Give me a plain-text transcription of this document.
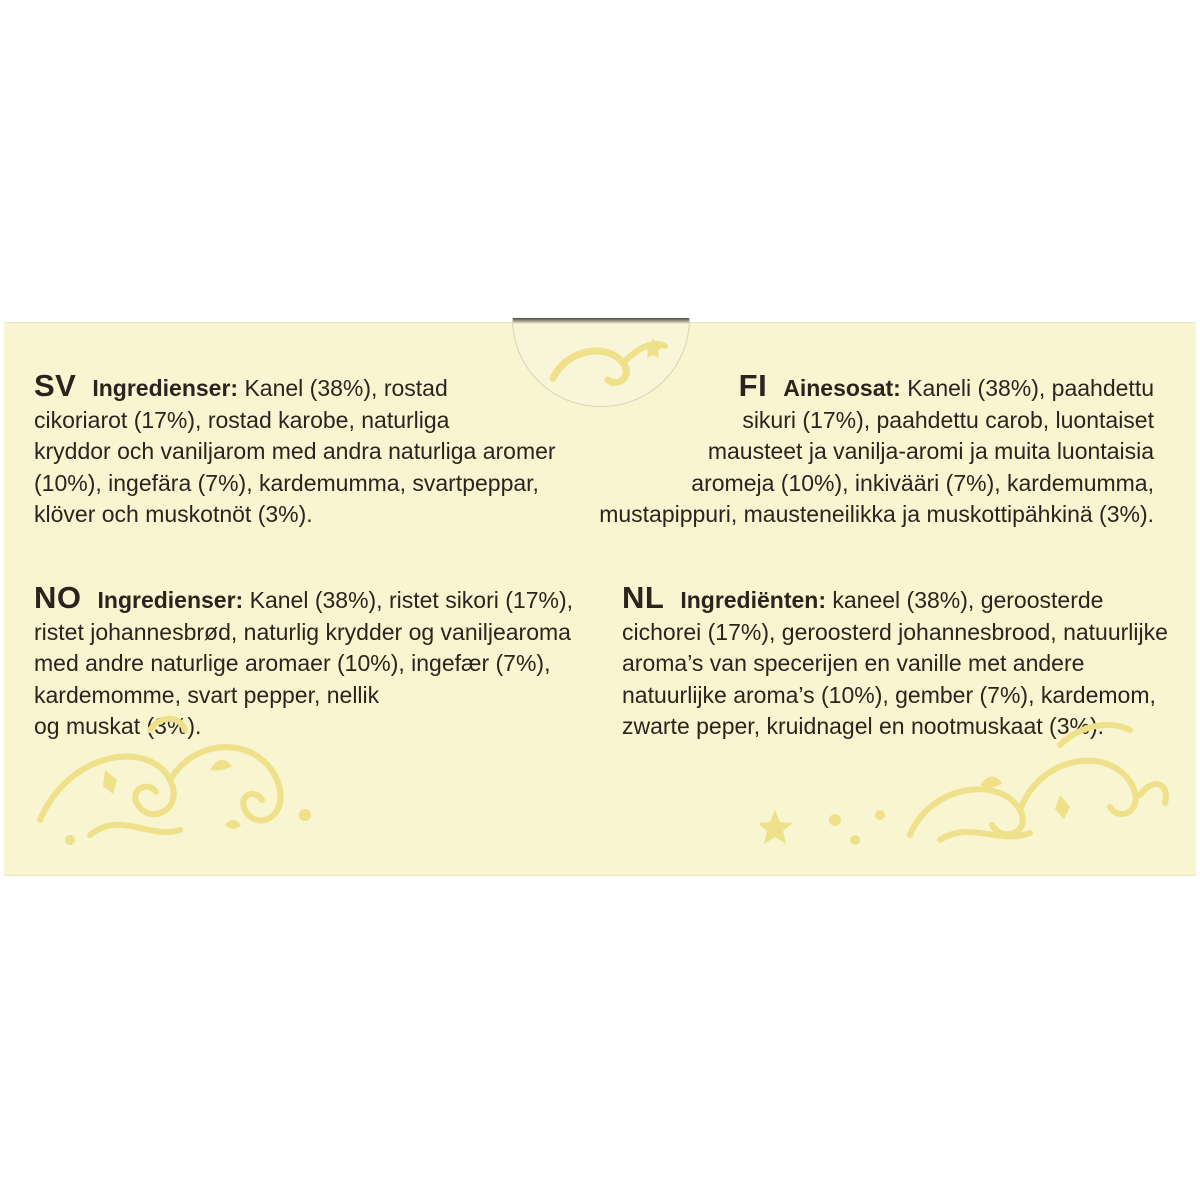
SV Ingredienser: Kanel (38%), rostad
cikoriarot (17%), rostad karobe, naturliga
kryddor och vaniljarom med andra naturliga aromer
(10%), ingefära (7%), kardemumma, svartpeppar,
klöver och muskotnöt (3%).
FI Ainesosat: Kaneli (38%), paahdettu
sikuri (17%), paahdettu carob, luontaiset
mausteet ja vanilja-aromi ja muita luontaisia
aromeja (10%), inkivääri (7%), kardemumma,
mustapippuri, mausteneilikka ja muskottipähkinä (3%).
NO Ingredienser: Kanel (38%), ristet sikori (17%),
ristet johannesbrød, naturlig krydder og vaniljearoma
med andre naturlige aromaer (10%), ingefær (7%),
kardemomme, svart pepper, nellik
og muskat (3%).
NL Ingrediënten: kaneel (38%), geroosterde
cichorei (17%), geroosterd johannesbrood, natuurlijke
aroma’s van specerijen en vanille met andere
natuurlijke aroma’s (10%), gember (7%), kardemom,
zwarte peper, kruidnagel en nootmuskaat (3%).
